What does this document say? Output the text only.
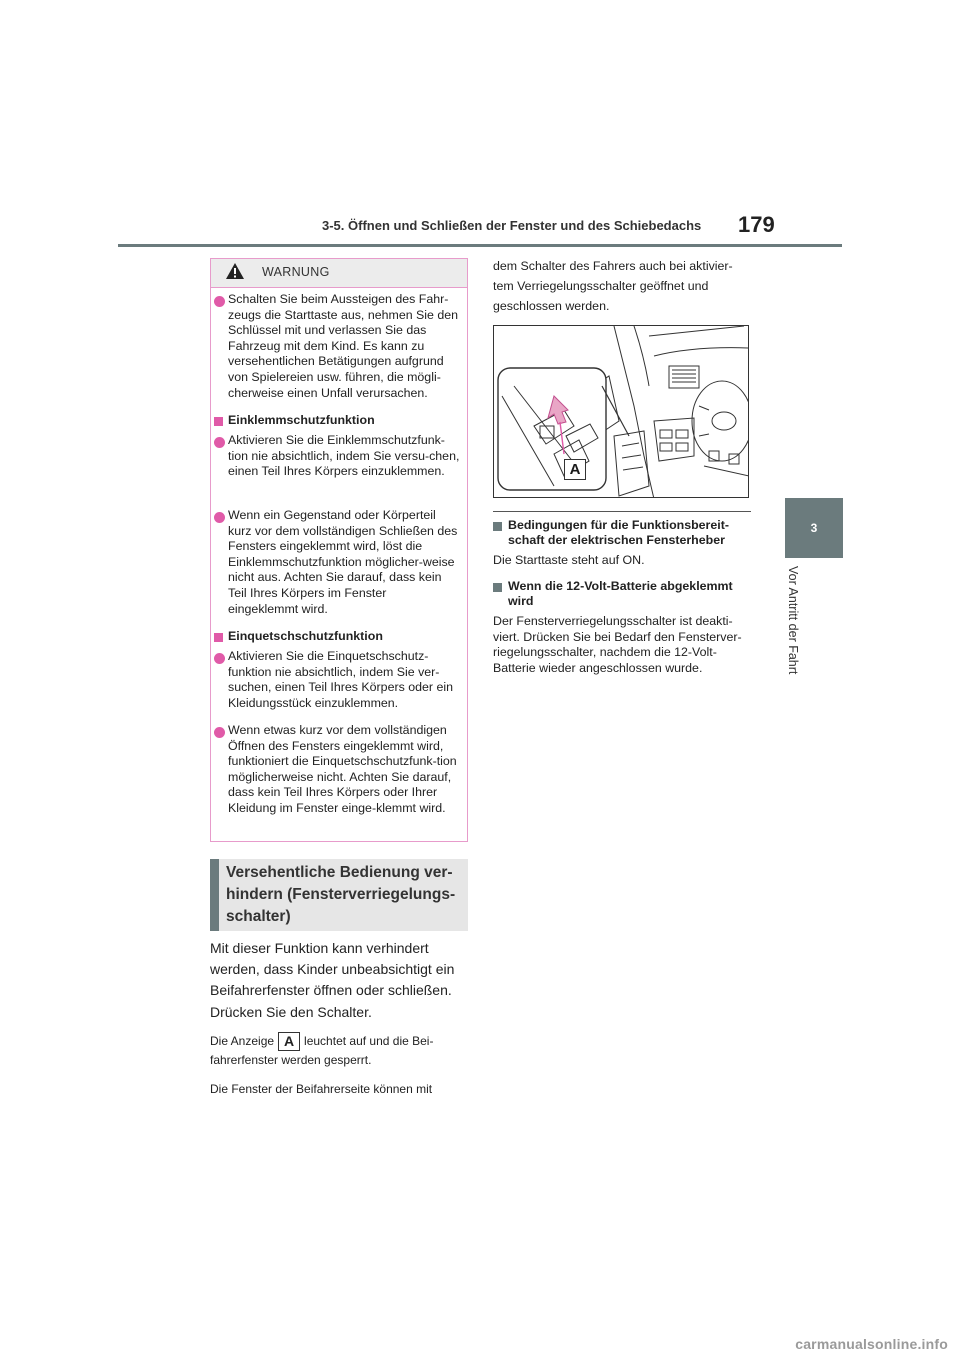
3-5. Öffnen und Schließen der Fenster und des Schiebedachs 179
3
Vor Antritt der Fahrt
WARNUNG
Schalten Sie beim Aussteigen des Fahr-zeugs die Starttaste aus, nehmen Sie den Schlüssel mit und verlassen Sie das Fahrzeug mit dem Kind. Es kann zu versehentlichen Betätigungen aufgrund von Spielereien usw. führen, die mögli-cherweise einen Unfall verursachen.
Einklemmschutzfunktion
Aktivieren Sie die Einklemmschutzfunk-tion nie absichtlich, indem Sie versu-chen, einen Teil Ihres Körpers einzuklemmen.
Wenn ein Gegenstand oder Körperteil kurz vor dem vollständigen Schließen des Fensters eingeklemmt wird, löst die Einklemmschutzfunktion möglicher-weise nicht aus. Achten Sie darauf, dass kein Teil Ihres Körpers im Fenster eingeklemmt wird.
Einquetschschutzfunktion
Aktivieren Sie die Einquetschschutz-funktion nie absichtlich, indem Sie ver-suchen, einen Teil Ihres Körpers oder ein Kleidungsstück einzuklemmen.
Wenn etwas kurz vor dem vollständigen Öffnen des Fensters eingeklemmt wird, funktioniert die Einquetschschutzfunk-tion möglicherweise nicht. Achten Sie darauf, dass kein Teil Ihres Körpers oder Ihrer Kleidung im Fenster einge-klemmt wird.
Versehentliche Bedienung ver-hindern (Fensterverriegelungs-schalter)
Mit dieser Funktion kann verhindert werden, dass Kinder unbeabsichtigt ein Beifahrerfenster öffnen oder schließen.
Drücken Sie den Schalter.
Die Anzeige A leuchtet auf und die Bei-fahrerfenster werden gesperrt.
Die Fenster der Beifahrerseite können mit
dem Schalter des Fahrers auch bei aktivier-tem Verriegelungsschalter geöffnet und geschlossen werden.
A
Bedingungen für die Funktionsbereit-schaft der elektrischen Fensterheber
Die Starttaste steht auf ON.
Wenn die 12-Volt-Batterie abgeklemmt wird
Der Fensterverriegelungsschalter ist deakti-viert. Drücken Sie bei Bedarf den Fensterver-riegelungsschalter, nachdem die 12-Volt-Batterie wieder angeschlossen wurde.
carmanualsonline.info
